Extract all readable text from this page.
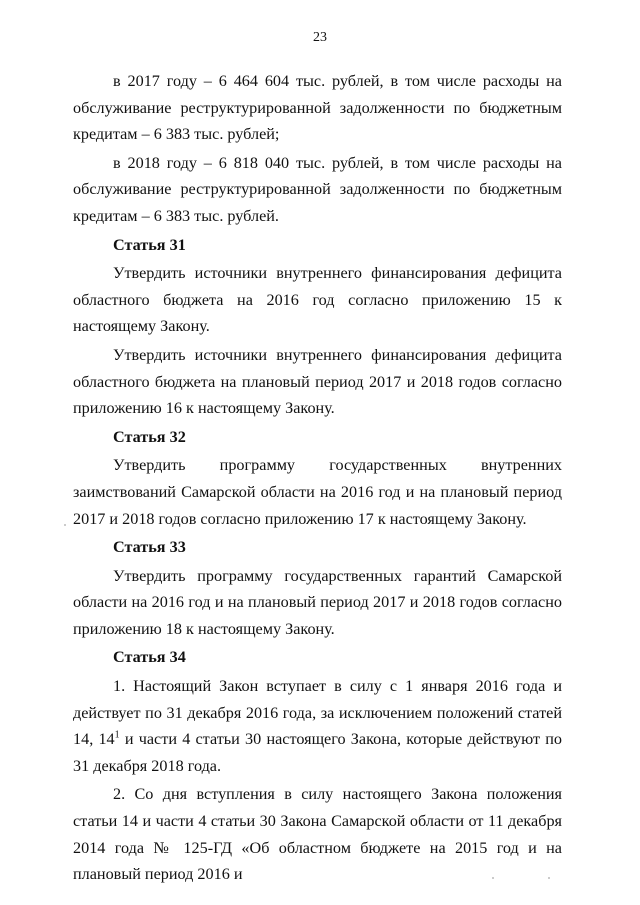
23

в 2017 году – 6 464 604 тыс. рублей, в том числе расходы на обслуживание реструктурированной задолженности по бюджетным кредитам – 6 383 тыс. рублей;

в 2018 году – 6 818 040 тыс. рублей, в том числе расходы на обслуживание реструктурированной задолженности по бюджетным кредитам – 6 383 тыс. рублей.

Статья 31

Утвердить источники внутреннего финансирования дефицита областного бюджета на 2016 год согласно приложению 15 к настоящему Закону.

Утвердить источники внутреннего финансирования дефицита областного бюджета на плановый период 2017 и 2018 годов согласно приложению 16 к настоящему Закону.

Статья 32

Утвердить программу государственных внутренних заимствований Самарской области на 2016 год и на плановый период 2017 и 2018 годов согласно приложению 17 к настоящему Закону.

Статья 33

Утвердить программу государственных гарантий Самарской области на 2016 год и на плановый период 2017 и 2018 годов согласно приложению 18 к настоящему Закону.

Статья 34

1. Настоящий Закон вступает в силу с 1 января 2016 года и действует по 31 декабря 2016 года, за исключением положений статей 14, $14^1$ и части 4 статьи 30 настоящего Закона, которые действуют по 31 декабря 2018 года.

2. Со дня вступления в силу настоящего Закона положения статьи 14 и части 4 статьи 30 Закона Самарской области от 11 декабря 2014 года № 125-ГД «Об областном бюджете на 2015 год и на плановый период 2016 и
